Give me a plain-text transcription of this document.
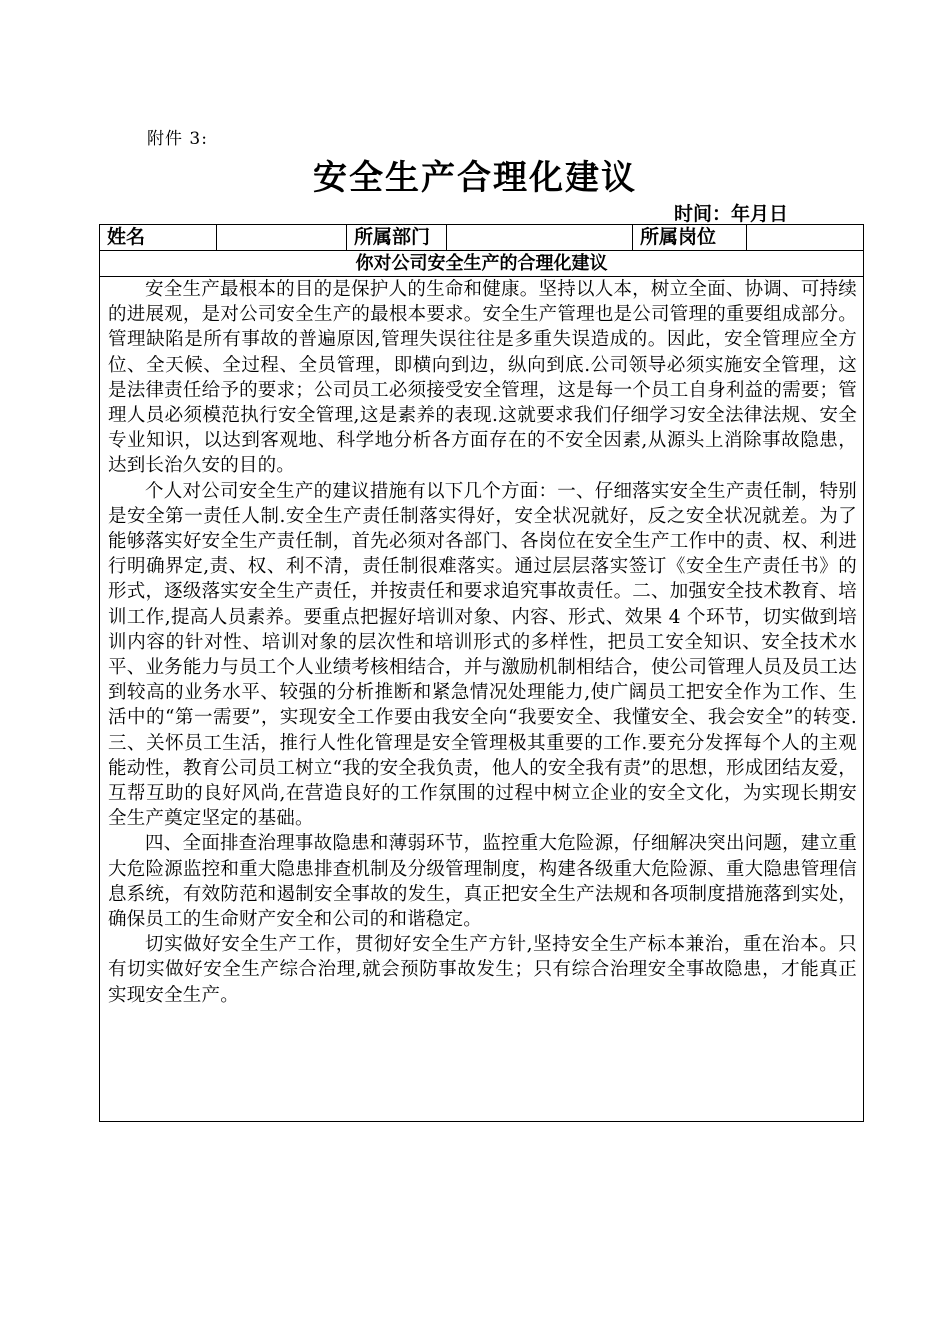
附件 3:
安全生产合理化建议
时间：年月日
姓名	所属部门	所属岗位
你对公司安全生产的合理化建议

安全生产最根本的目的是保护人的生命和健康。坚持以人本，树立全面、协调、可持续的进展观，是对公司安全生产的最根本要求。安全生产管理也是公司管理的重要组成部分。管理缺陷是所有事故的普遍原因,管理失误往往是多重失误造成的。因此，安全管理应全方位、全天候、全过程、全员管理，即横向到边，纵向到底.公司领导必须实施安全管理，这是法律责任给予的要求；公司员工必须接受安全管理，这是每一个员工自身利益的需要；管理人员必须模范执行安全管理,这是素养的表现.这就要求我们仔细学习安全法律法规、安全专业知识，以达到客观地、科学地分析各方面存在的不安全因素,从源头上消除事故隐患，达到长治久安的目的。

个人对公司安全生产的建议措施有以下几个方面：一、仔细落实安全生产责任制，特别是安全第一责任人制.安全生产责任制落实得好，安全状况就好，反之安全状况就差。为了能够落实好安全生产责任制，首先必须对各部门、各岗位在安全生产工作中的责、权、利进行明确界定,责、权、利不清，责任制很难落实。通过层层落实签订《安全生产责任书》的形式，逐级落实安全生产责任，并按责任和要求追究事故责任。二、加强安全技术教育、培训工作,提高人员素养。要重点把握好培训对象、内容、形式、效果 4 个环节，切实做到培训内容的针对性、培训对象的层次性和培训形式的多样性，把员工安全知识、安全技术水平、业务能力与员工个人业绩考核相结合，并与激励机制相结合，使公司管理人员及员工达到较高的业务水平、较强的分析推断和紧急情况处理能力,使广阔员工把安全作为工作、生活中的“第一需要”，实现安全工作要由我安全向“我要安全、我懂安全、我会安全”的转变.三、关怀员工生活，推行人性化管理是安全管理极其重要的工作.要充分发挥每个人的主观能动性，教育公司员工树立“我的安全我负责，他人的安全我有责”的思想，形成团结友爱，互帮互助的良好风尚,在营造良好的工作氛围的过程中树立企业的安全文化，为实现长期安全生产奠定坚定的基础。

四、全面排查治理事故隐患和薄弱环节，监控重大危险源，仔细解决突出问题，建立重大危险源监控和重大隐患排查机制及分级管理制度，构建各级重大危险源、重大隐患管理信息系统，有效防范和遏制安全事故的发生，真正把安全生产法规和各项制度措施落到实处，确保员工的生命财产安全和公司的和谐稳定。

切实做好安全生产工作，贯彻好安全生产方针,坚持安全生产标本兼治，重在治本。只有切实做好安全生产综合治理,就会预防事故发生；只有综合治理安全事故隐患，才能真正实现安全生产。
